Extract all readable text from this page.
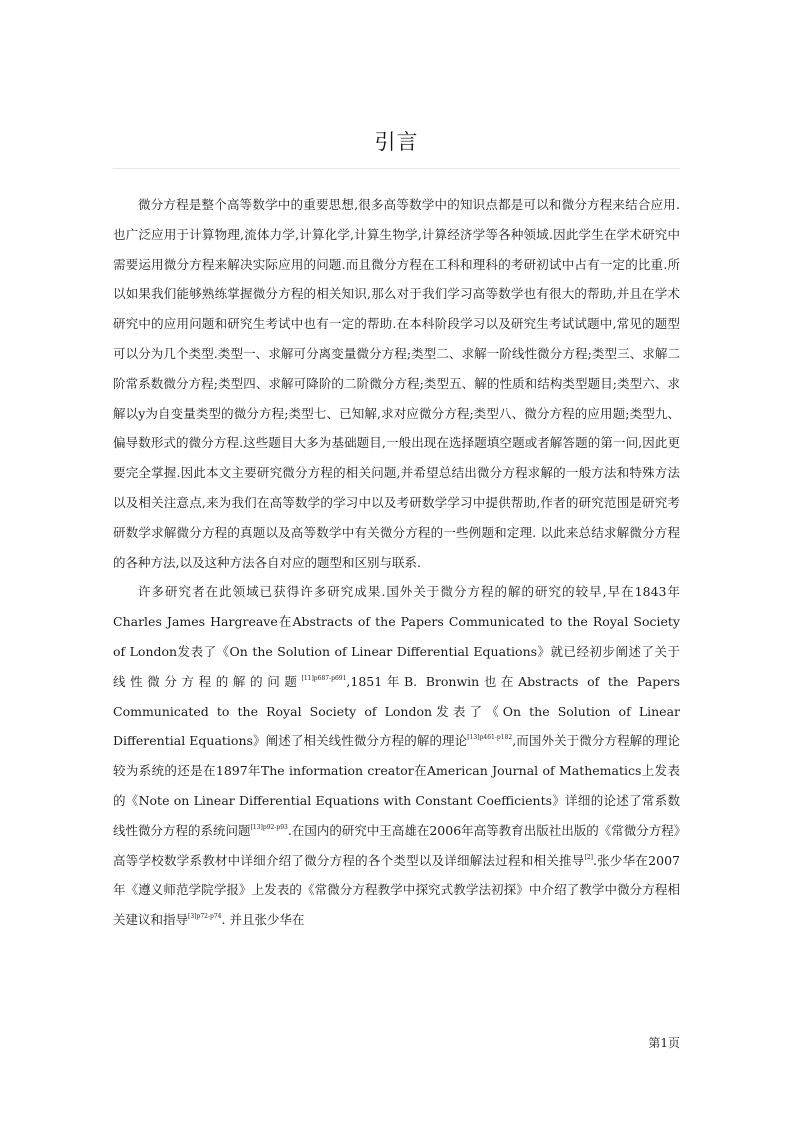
引言

微分方程是整个高等数学中的重要思想,很多高等数学中的知识点都是可以和微分方程来结合应用.也广泛应用于计算物理,流体力学,计算化学,计算生物学,计算经济学等各种领域.因此学生在学术研究中需要运用微分方程来解决实际应用的问题.而且微分方程在工科和理科的考研初试中占有一定的比重.所以如果我们能够熟练掌握微分方程的相关知识,那么对于我们学习高等数学也有很大的帮助,并且在学术研究中的应用问题和研究生考试中也有一定的帮助.在本科阶段学习以及研究生考试试题中,常见的题型可以分为几个类型.类型一、求解可分离变量微分方程;类型二、求解一阶线性微分方程;类型三、求解二阶常系数微分方程;类型四、求解可降阶的二阶微分方程;类型五、解的性质和结构类型题目;类型六、求解以y为自变量类型的微分方程;类型七、已知解,求对应微分方程;类型八、微分方程的应用题;类型九、偏导数形式的微分方程.这些题目大多为基础题目,一般出现在选择题填空题或者解答题的第一问,因此更要完全掌握.因此本文主要研究微分方程的相关问题,并希望总结出微分方程求解的一般方法和特殊方法以及相关注意点,来为我们在高等数学的学习中以及考研数学学习中提供帮助,作者的研究范围是研究考研数学求解微分方程的真题以及高等数学中有关微分方程的一些例题和定理. 以此来总结求解微分方程的各种方法,以及这种方法各自对应的题型和区别与联系.

许多研究者在此领域已获得许多研究成果.国外关于微分方程的解的研究的较早,早在1843年Charles James Hargreave在Abstracts of the Papers Communicated to the Royal Society of London发表了《On the Solution of Linear Differential Equations》就已经初步阐述了关于线性微分方程的解的问题$^{[11]p687-p691}$,1851年B. Bronwin也在Abstracts of the Papers Communicated to the Royal Society of London发表了《On the Solution of Linear Differential Equations》阐述了相关线性微分方程的解的理论$^{[13]p461-p182}$,而国外关于微分方程解的理论较为系统的还是在1897年The information creator在American Journal of Mathematics上发表的《Note on Linear Differential Equations with Constant Coefficients》详细的论述了常系数线性微分方程的系统问题$^{[13]p92-p93}$.在国内的研究中王高雄在2006年高等教育出版社出版的《常微分方程》高等学校数学系教材中详细介绍了微分方程的各个类型以及详细解法过程和相关推导[2].张少华在2007年《遵义师范学院学报》上发表的《常微分方程教学中探究式教学法初探》中介绍了教学中微分方程相关建议和指导$^{[3]p72-p74}$. 并且张少华在

第1页
